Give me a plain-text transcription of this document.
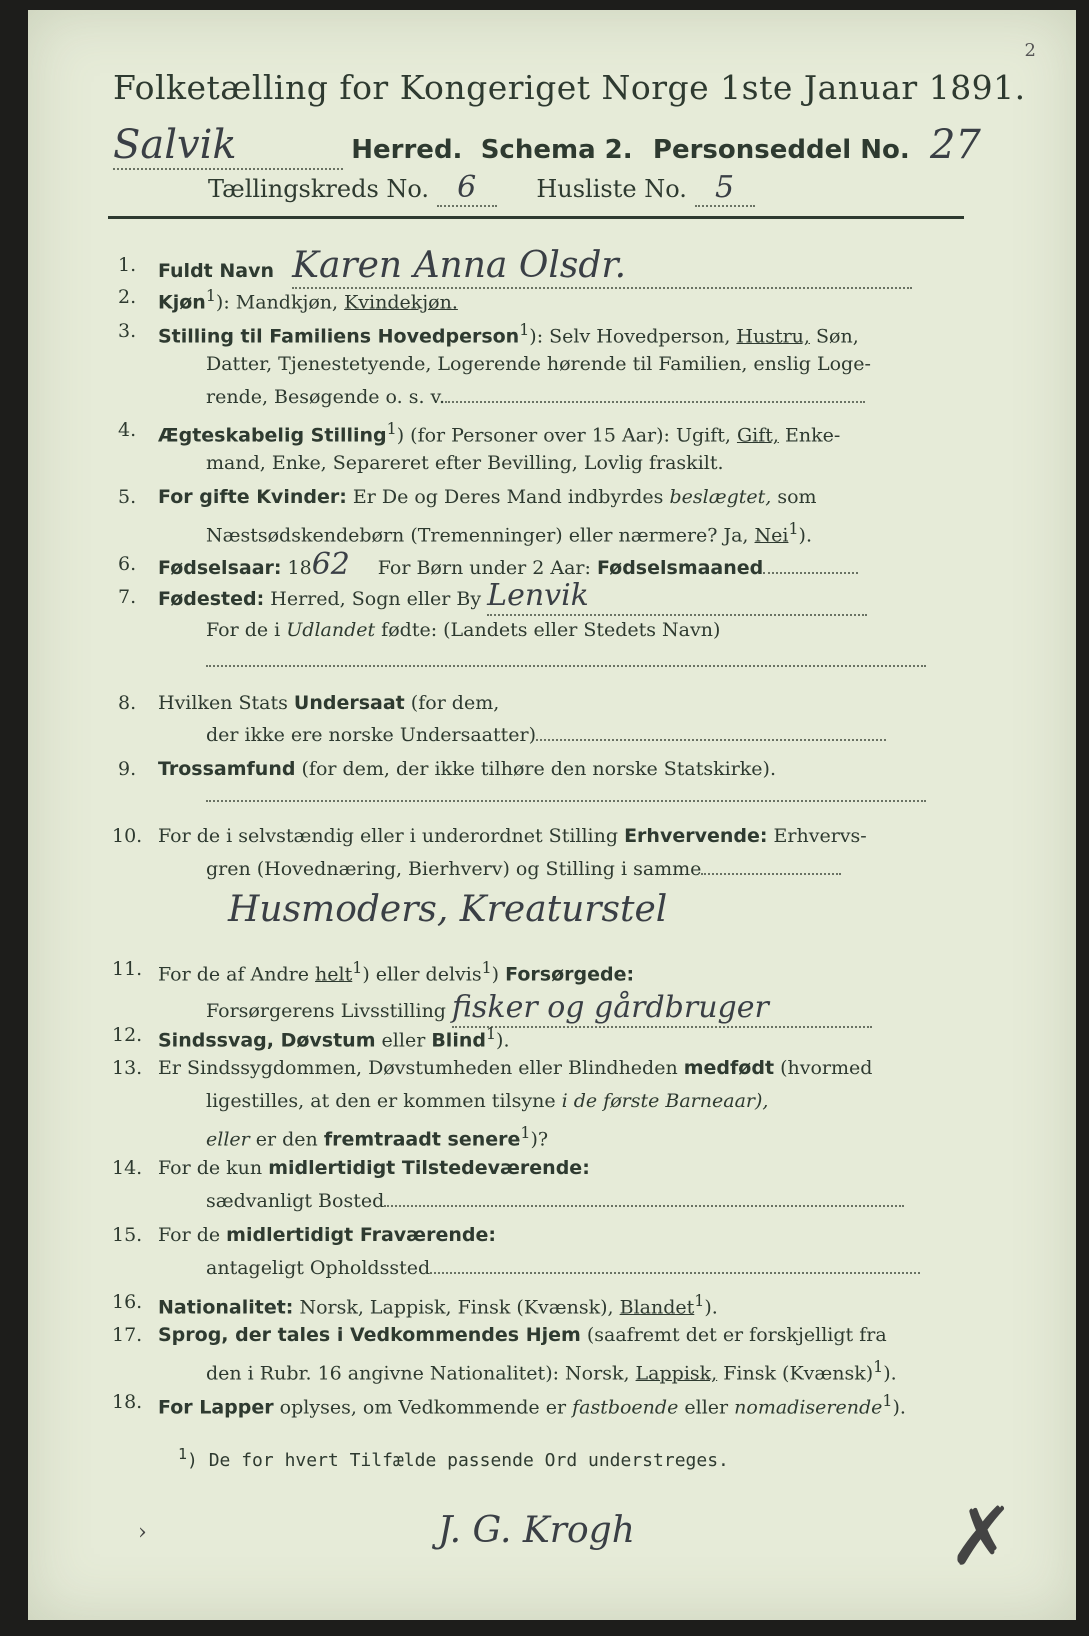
2
Folketælling for Kongeriget Norge 1ste Januar 1891.
Salvik	Herred. Schema 2. Personseddel No. 27
Tællingskreds No. 6	Husliste No. 5
1. Fuldt Navn Karen Anna Olsdr.
2. Kjøn$^1$): Mandkjøn, Kvindekjøn.
3. Stilling til Familiens Hovedperson$^1$): Selv Hovedperson, Hustru, Søn,
Datter, Tjenestetyende, Logerende hørende til Familien, enslig Loge-
rende, Besøgende o. s. v.
4. Ægteskabelig Stilling$^1$) (for Personer over 15 Aar): Ugift, Gift, Enke-
mand, Enke, Separeret efter Bevilling, Lovlig fraskilt.
5. For gifte Kvinder: Er De og Deres Mand indbyrdes beslægtet, som
Næstsødskendebørn (Tremenninger) eller nærmere? Ja, Nei$^1$).
6. Fødselsaar: 1862 For Børn under 2 Aar: Fødselsmaaned
7. Fødested: Herred, Sogn eller By Lenvik
For de i Udlandet fødte: (Landets eller Stedets Navn)
8. Hvilken Stats Undersaat (for dem,
der ikke ere norske Undersaatter)
9. Trossamfund (for dem, der ikke tilhøre den norske Statskirke).
10. For de i selvstændig eller i underordnet Stilling Erhvervende: Erhvervs-
gren (Hovednæring, Bierhverv) og Stilling i samme
Husmoders, Kreaturstel
11. For de af Andre helt$^1$) eller delvis$^1$) Forsørgede:
Forsørgerens Livsstilling fisker og gårdbruger
12. Sindssvag, Døvstum eller Blind$^1$).
13. Er Sindssygdommen, Døvstumheden eller Blindheden medfødt (hvormed
ligestilles, at den er kommen tilsyne i de første Barneaar),
eller er den fremtraadt senere$^1$)?
14. For de kun midlertidigt Tilstedeværende:
sædvanligt Bosted
15. For de midlertidigt Fraværende:
antageligt Opholdssted
16. Nationalitet: Norsk, Lappisk, Finsk (Kvænsk), Blandet$^1$).
17. Sprog, der tales i Vedkommendes Hjem (saafremt det er forskjelligt fra
den i Rubr. 16 angivne Nationalitet): Norsk, Lappisk, Finsk (Kvænsk)$^1$).
18. For Lapper oplyses, om Vedkommende er fastboende eller nomadiserende$^1$).
$^1$) De for hvert Tilfælde passende Ord understreges.
J. G. Krogh	✗
›
